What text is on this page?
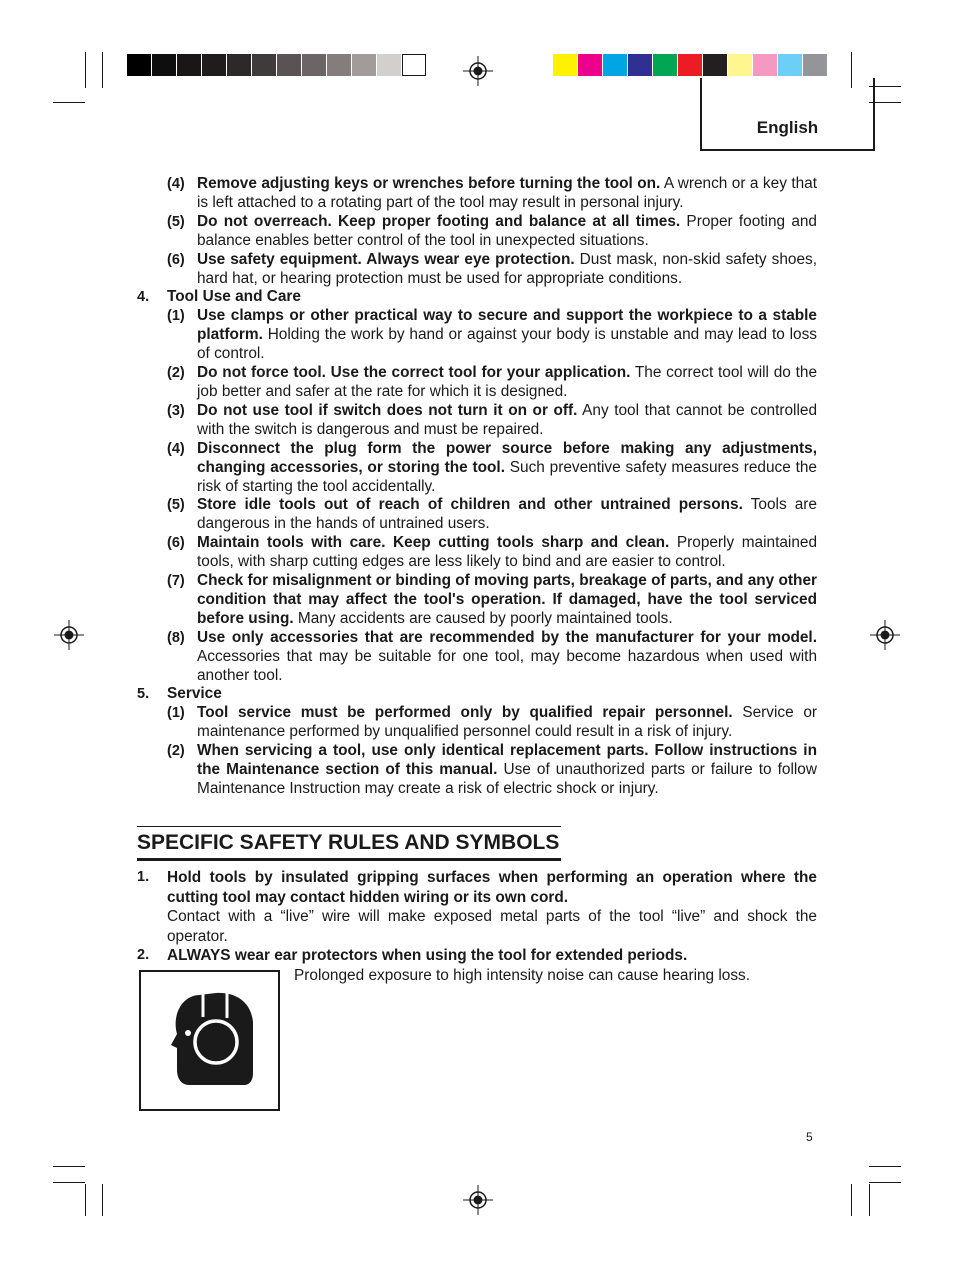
English
(4) Remove adjusting keys or wrenches before turning the tool on. A wrench or a key that is left attached to a rotating part of the tool may result in personal injury.
(5) Do not overreach. Keep proper footing and balance at all times. Proper footing and balance enables better control of the tool in unexpected situations.
(6) Use safety equipment. Always wear eye protection. Dust mask, non-skid safety shoes, hard hat, or hearing protection must be used for appropriate conditions.
4.	Tool Use and Care
(1) Use clamps or other practical way to secure and support the workpiece to a stable platform. Holding the work by hand or against your body is unstable and may lead to loss of control.
(2) Do not force tool. Use the correct tool for your application. The correct tool will do the job better and safer at the rate for which it is designed.
(3) Do not use tool if switch does not turn it on or off. Any tool that cannot be controlled with the switch is dangerous and must be repaired.
(4) Disconnect the plug form the power source before making any adjustments, changing accessories, or storing the tool. Such preventive safety measures reduce the risk of starting the tool accidentally.
(5) Store idle tools out of reach of children and other untrained persons. Tools are dangerous in the hands of untrained users.
(6) Maintain tools with care. Keep cutting tools sharp and clean. Properly maintained tools, with sharp cutting edges are less likely to bind and are easier to control.
(7) Check for misalignment or binding of moving parts, breakage of parts, and any other condition that may affect the tool's operation. If damaged, have the tool serviced before using. Many accidents are caused by poorly maintained tools.
(8) Use only accessories that are recommended by the manufacturer for your model. Accessories that may be suitable for one tool, may become hazardous when used with another tool.
5.	Service
(1) Tool service must be performed only by qualified repair personnel. Service or maintenance performed by unqualified personnel could result in a risk of injury.
(2) When servicing a tool, use only identical replacement parts. Follow instructions in the Maintenance section of this manual. Use of unauthorized parts or failure to follow Maintenance Instruction may create a risk of electric shock or injury.
SPECIFIC SAFETY RULES AND SYMBOLS
1.	Hold tools by insulated gripping surfaces when performing an operation where the cutting tool may contact hidden wiring or its own cord.
Contact with a “live” wire will make exposed metal parts of the tool “live” and shock the operator.
2.	ALWAYS wear ear protectors when using the tool for extended periods.
Prolonged exposure to high intensity noise can cause hearing loss.
5
